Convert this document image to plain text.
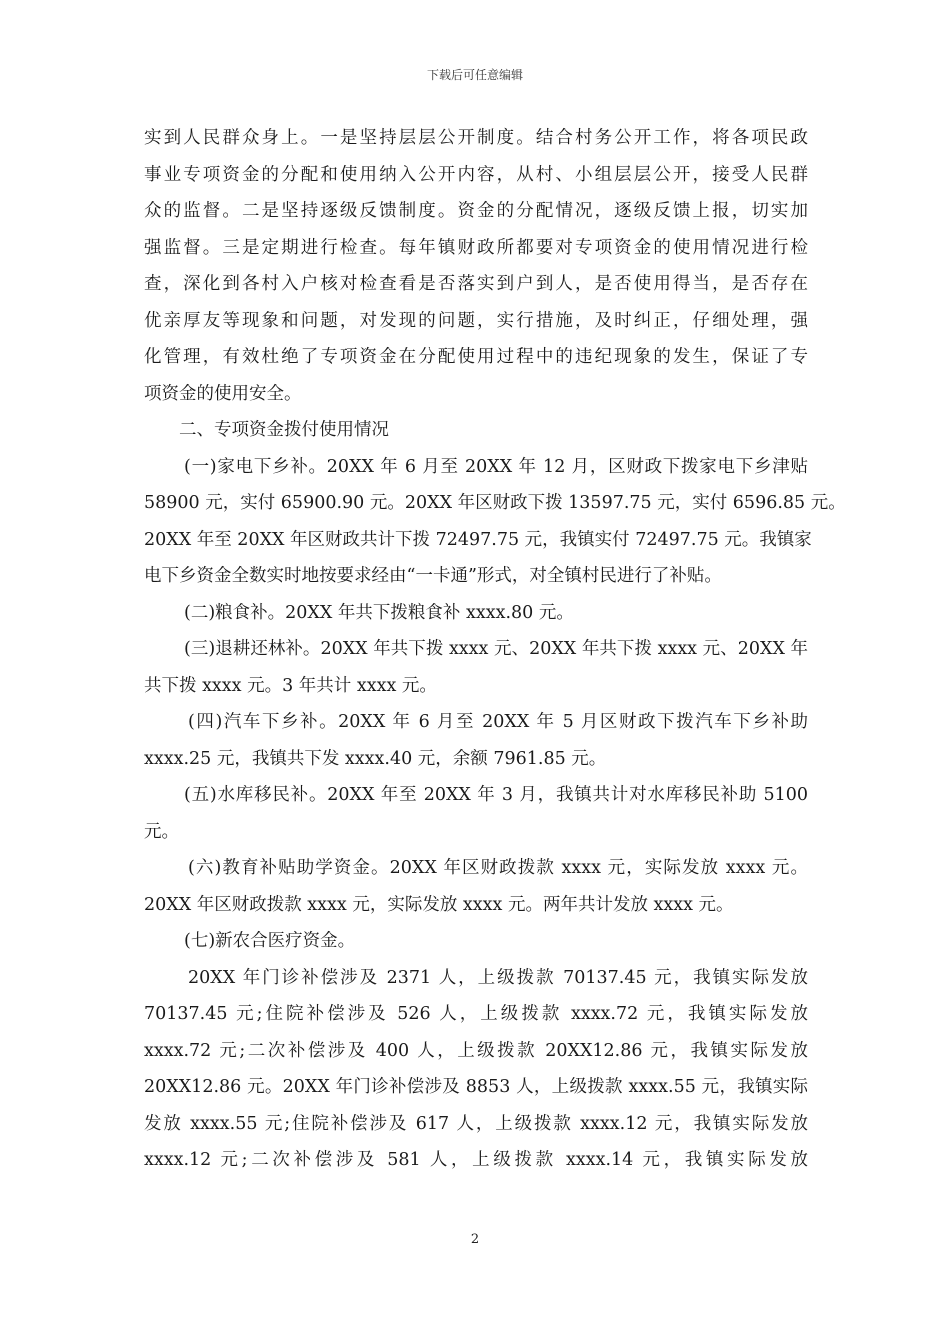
下载后可任意编辑
实到人民群众身上。一是坚持层层公开制度。结合村务公开工作，将各项民政
事业专项资金的分配和使用纳入公开内容，从村、小组层层公开，接受人民群
众的监督。二是坚持逐级反馈制度。资金的分配情况，逐级反馈上报，切实加
强监督。三是定期进行检查。每年镇财政所都要对专项资金的使用情况进行检
查，深化到各村入户核对检查看是否落实到户到人，是否使用得当，是否存在
优亲厚友等现象和问题，对发现的问题，实行措施，及时纠正，仔细处理，强
化管理，有效杜绝了专项资金在分配使用过程中的违纪现象的发生，保证了专
项资金的使用安全。
二、专项资金拨付使用情况
(一)家电下乡补。20XX 年 6 月至 20XX 年 12 月，区财政下拨家电下乡津贴
58900 元，实付 65900.90 元。20XX 年区财政下拨 13597.75 元，实付 6596.85 元。
20XX 年至 20XX 年区财政共计下拨 72497.75 元，我镇实付 72497.75 元。我镇家
电下乡资金全数实时地按要求经由“一卡通”形式，对全镇村民进行了补贴。
(二)粮食补。20XX 年共下拨粮食补 xxxx.80 元。
(三)退耕还林补。20XX 年共下拨 xxxx 元、20XX 年共下拨 xxxx 元、20XX 年
共下拨 xxxx 元。3 年共计 xxxx 元。
(四)汽车下乡补。20XX 年 6 月至 20XX 年 5 月区财政下拨汽车下乡补助
xxxx.25 元，我镇共下发 xxxx.40 元，余额 7961.85 元。
(五)水库移民补。20XX 年至 20XX 年 3 月，我镇共计对水库移民补助 5100
元。
(六)教育补贴助学资金。20XX 年区财政拨款 xxxx 元，实际发放 xxxx 元。
20XX 年区财政拨款 xxxx 元，实际发放 xxxx 元。两年共计发放 xxxx 元。
(七)新农合医疗资金。
20XX 年门诊补偿涉及 2371 人，上级拨款 70137.45 元，我镇实际发放
70137.45 元;住院补偿涉及 526 人，上级拨款 xxxx.72 元，我镇实际发放
xxxx.72 元;二次补偿涉及 400 人，上级拨款 20XX12.86 元，我镇实际发放
20XX12.86 元。20XX 年门诊补偿涉及 8853 人，上级拨款 xxxx.55 元，我镇实际
发放 xxxx.55 元;住院补偿涉及 617 人，上级拨款 xxxx.12 元，我镇实际发放
xxxx.12 元;二次补偿涉及 581 人，上级拨款 xxxx.14 元，我镇实际发放
2
